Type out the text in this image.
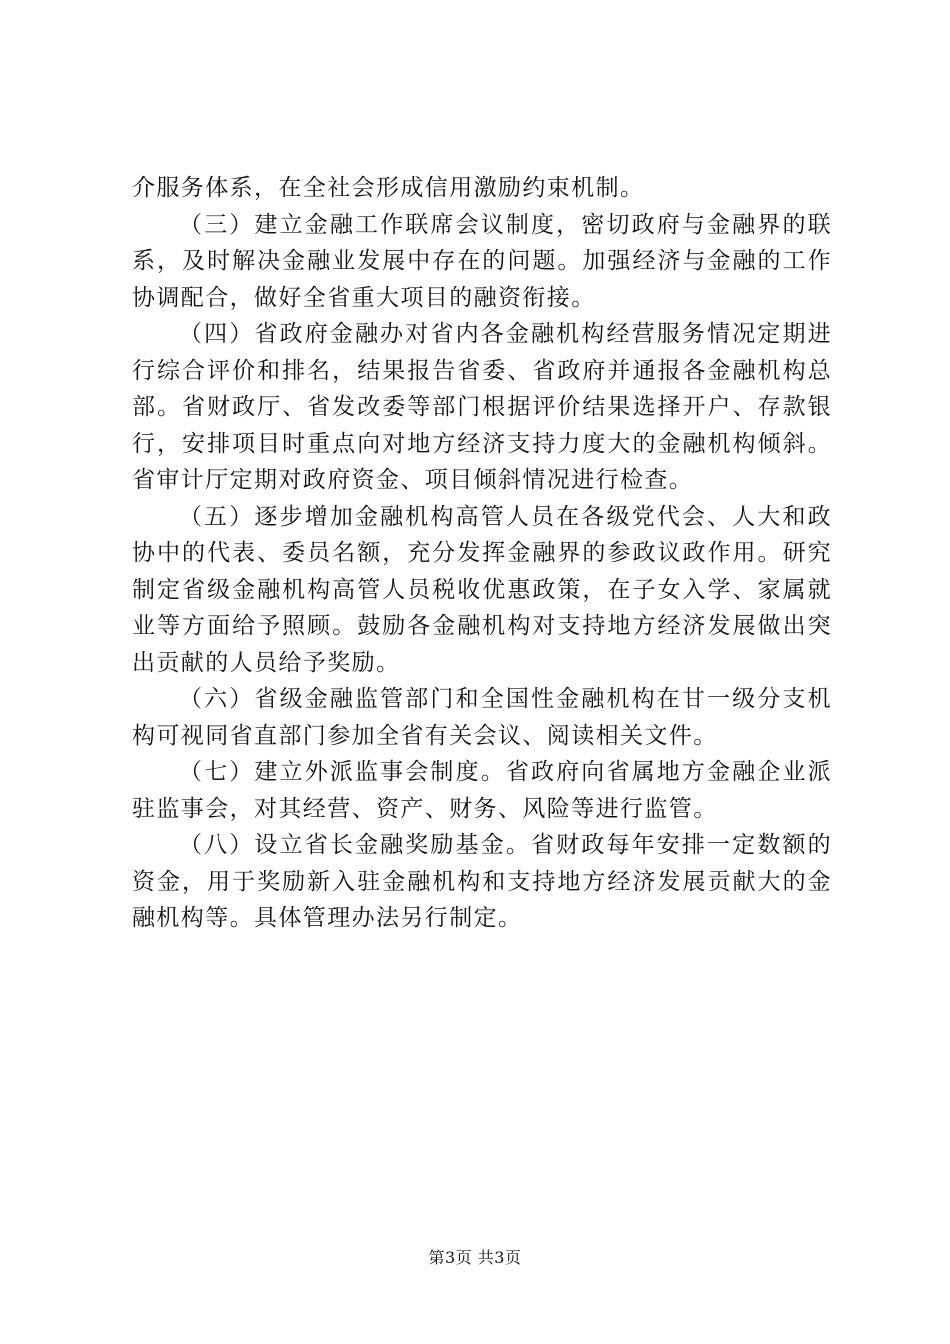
介服务体系，在全社会形成信用激励约束机制。

（三）建立金融工作联席会议制度，密切政府与金融界的联系，及时解决金融业发展中存在的问题。加强经济与金融的工作协调配合，做好全省重大项目的融资衔接。

（四）省政府金融办对省内各金融机构经营服务情况定期进行综合评价和排名，结果报告省委、省政府并通报各金融机构总部。省财政厅、省发改委等部门根据评价结果选择开户、存款银行，安排项目时重点向对地方经济支持力度大的金融机构倾斜。省审计厅定期对政府资金、项目倾斜情况进行检查。

（五）逐步增加金融机构高管人员在各级党代会、人大和政协中的代表、委员名额，充分发挥金融界的参政议政作用。研究制定省级金融机构高管人员税收优惠政策，在子女入学、家属就业等方面给予照顾。鼓励各金融机构对支持地方经济发展做出突出贡献的人员给予奖励。

（六）省级金融监管部门和全国性金融机构在甘一级分支机构可视同省直部门参加全省有关会议、阅读相关文件。

（七）建立外派监事会制度。省政府向省属地方金融企业派驻监事会，对其经营、资产、财务、风险等进行监管。

（八）设立省长金融奖励基金。省财政每年安排一定数额的资金，用于奖励新入驻金融机构和支持地方经济发展贡献大的金融机构等。具体管理办法另行制定。

第3页 共3页
